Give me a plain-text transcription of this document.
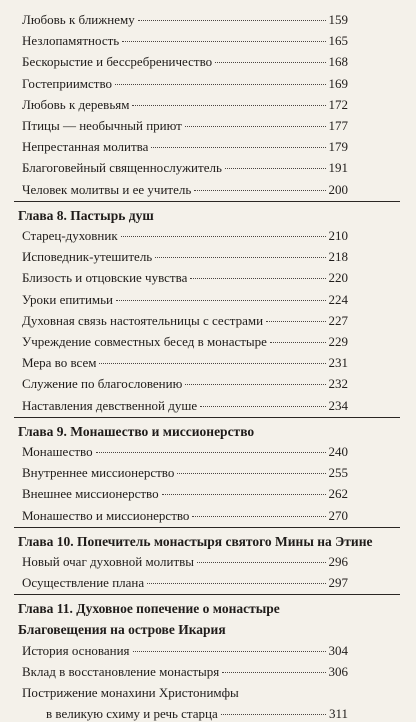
Любовь к ближнему	159
Незлопамятность	165
Бескорыстие и бессребреничество	168
Гостеприимство	169
Любовь к деревьям	172
Птицы — необычный приют	177
Непрестанная молитва	179
Благоговейный священнослужитель	191
Человек молитвы и ее учитель	200
Глава 8. Пастырь душ
Старец-духовник	210
Исповедник-утешитель	218
Близость и отцовские чувства	220
Уроки епитимьи	224
Духовная связь настоятельницы с сестрами	227
Учреждение совместных бесед в монастыре	229
Мера во всем	231
Служение по благословению	232
Наставления девственной душе	234
Глава 9. Монашество и миссионерство
Монашество	240
Внутреннее миссионерство	255
Внешнее миссионерство	262
Монашество и миссионерство	270
Глава 10. Попечитель монастыря святого Мины на Этине
Новый очаг духовной молитвы	296
Осуществление плана	297
Глава 11. Духовное попечение о монастыре
Благовещения на острове Икария
История основания	304
Вклад в восстановление монастыря	306
Пострижение монахини Христонимфы
в великую схиму и речь старца	311
